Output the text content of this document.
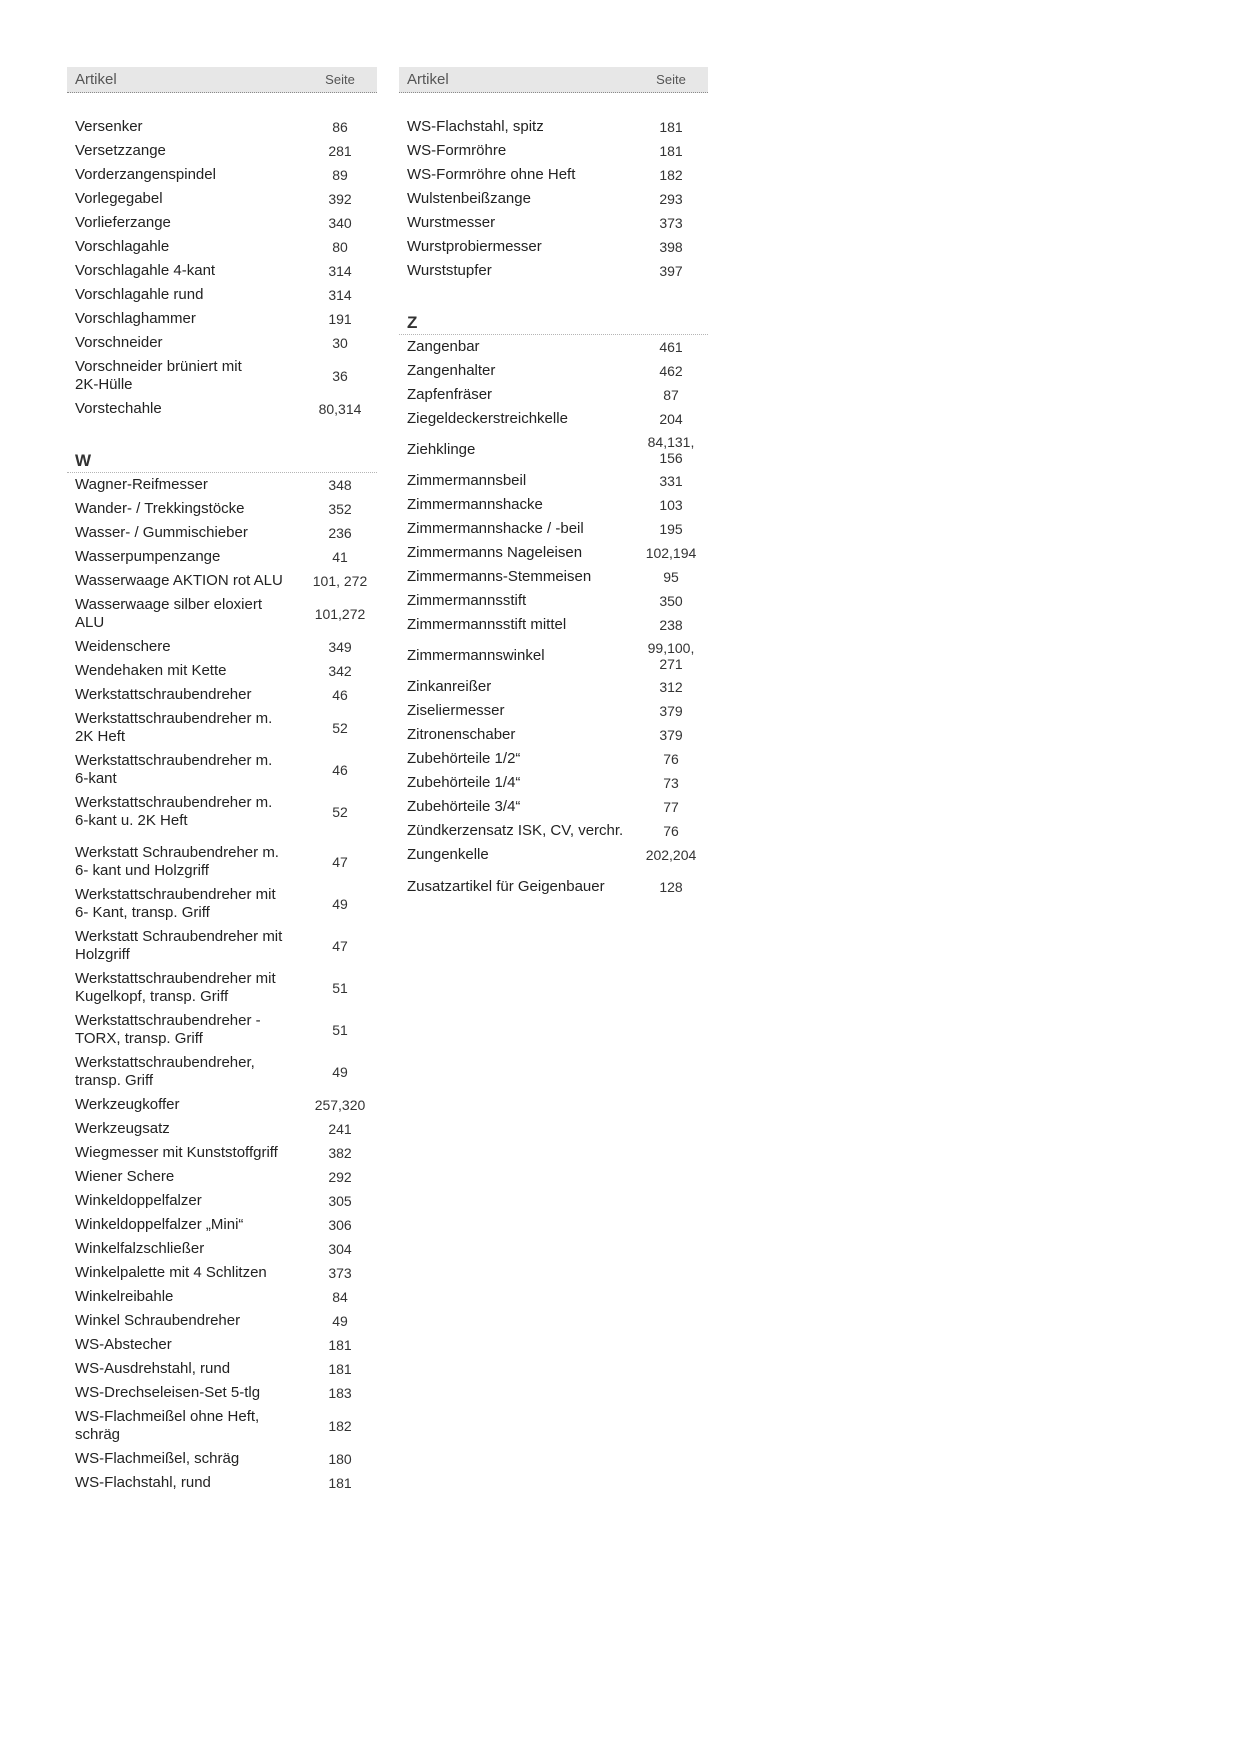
Artikel	Seite
Versenker	86
Versetzzange	281
Vorderzangenspindel	89
Vorlegegabel	392
Vorlieferzange	340
Vorschlagahle	80
Vorschlagahle 4-kant	314
Vorschlagahle rund	314
Vorschlaghammer	191
Vorschneider	30
Vorschneider brüniert mit
2K-Hülle	36
Vorstechahle	80,314
W
Wagner-Reifmesser	348
Wander- / Trekkingstöcke	352
Wasser- / Gummischieber	236
Wasserpumpenzange	41
Wasserwaage AKTION rot ALU	101, 272
Wasserwaage silber eloxiert
ALU	101,272
Weidenschere	349
Wendehaken mit Kette	342
Werkstattschraubendreher	46
Werkstattschraubendreher m.
2K Heft	52
Werkstattschraubendreher m.
6-kant	46
Werkstattschraubendreher m.
6-kant u. 2K Heft	52
Werkstatt Schraubendreher m.
6- kant und Holzgriff	47
Werkstattschraubendreher mit
6- Kant, transp. Griff	49
Werkstatt Schraubendreher mit
Holzgriff	47
Werkstattschraubendreher mit
Kugelkopf, transp. Griff	51
Werkstattschraubendreher -
TORX, transp. Griff	51
Werkstattschraubendreher,
transp. Griff	49
Werkzeugkoffer	257,320
Werkzeugsatz	241
Wiegmesser mit Kunststoffgriff	382
Wiener Schere	292
Winkeldoppelfalzer	305
Winkeldoppelfalzer „Mini“	306
Winkelfalzschließer	304
Winkelpalette mit 4 Schlitzen	373
Winkelreibahle	84
Winkel Schraubendreher	49
WS-Abstecher	181
WS-Ausdrehstahl, rund	181
WS-Drechseleisen-Set 5-tlg	183
WS-Flachmeißel ohne Heft,
schräg	182
WS-Flachmeißel, schräg	180
WS-Flachstahl, rund	181
Artikel	Seite
WS-Flachstahl, spitz	181
WS-Formröhre	181
WS-Formröhre ohne Heft	182
Wulstenbeißzange	293
Wurstmesser	373
Wurstprobiermesser	398
Wurststupfer	397
Z
Zangenbar	461
Zangenhalter	462
Zapfenfräser	87
Ziegeldeckerstreichkelle	204
Ziehklinge	84,131,
156
Zimmermannsbeil	331
Zimmermannshacke	103
Zimmermannshacke / -beil	195
Zimmermanns Nageleisen	102,194
Zimmermanns-Stemmeisen	95
Zimmermannsstift	350
Zimmermannsstift mittel	238
Zimmermannswinkel	99,100,
271
Zinkanreißer	312
Ziseliermesser	379
Zitronenschaber	379
Zubehörteile 1/2“	76
Zubehörteile 1/4“	73
Zubehörteile 3/4“	77
Zündkerzensatz ISK, CV, verchr.	76
Zungenkelle	202,204
Zusatzartikel für Geigenbauer	128
